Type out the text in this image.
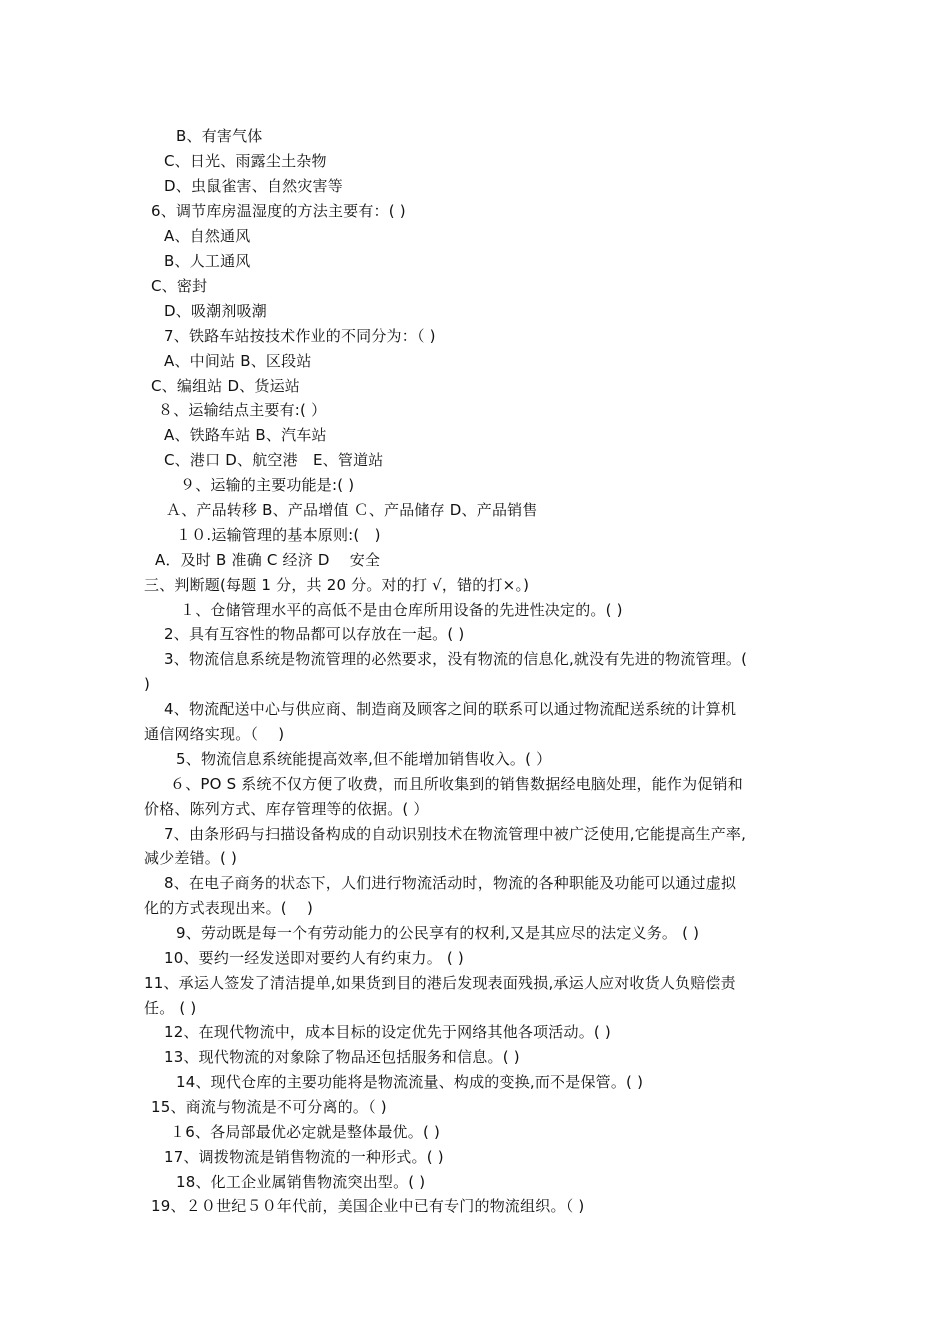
B、有害气体
C、日光、雨露尘土杂物
D、虫鼠雀害、自然灾害等
6、调节库房温湿度的方法主要有：( )
A、自然通风
B、人工通风
C、密封
D、吸潮剂吸潮
7、铁路车站按技术作业的不同分为：（ )
A、中间站 B、区段站
C、编组站 D、货运站
８、运输结点主要有:( ）
A、铁路车站 B、汽车站
C、港口 D、航空港　E、管道站
９、运输的主要功能是:( )
Ａ、产品转移 B、产品增值 Ｃ、产品储存 D、产品销售
１０.运输管理的基本原则:(　)
A．及时 B 准确 C 经济 D　 安全
三、判断题(每题 1 分，共 20 分。对的打 √，错的打×。)
１、仓储管理水平的高低不是由仓库所用设备的先进性决定的。( )
2、具有互容性的物品都可以存放在一起。( )
3、物流信息系统是物流管理的必然要求，没有物流的信息化,就没有先进的物流管理。(
)
4、物流配送中心与供应商、制造商及顾客之间的联系可以通过物流配送系统的计算机
通信网络实现。（　 )
5、物流信息系统能提高效率,但不能增加销售收入。( ）
６、PO S 系统不仅方便了收费，而且所收集到的销售数据经电脑处理，能作为促销和
价格、陈列方式、库存管理等的依据。( ）
7、由条形码与扫描设备构成的自动识别技术在物流管理中被广泛使用,它能提高生产率,
减少差错。( )
8、在电子商务的状态下，人们进行物流活动时，物流的各种职能及功能可以通过虚拟
化的方式表现出来。(　 )
9、劳动既是每一个有劳动能力的公民享有的权利,又是其应尽的法定义务。 ( )
10、要约一经发送即对要约人有约束力。 ( )
11、承运人签发了清洁提单,如果货到目的港后发现表面残损,承运人应对收货人负赔偿责
任。 ( )
12、在现代物流中，成本目标的设定优先于网络其他各项活动。( )
13、现代物流的对象除了物品还包括服务和信息。( )
14、现代仓库的主要功能将是物流流量、构成的变换,而不是保管。( )
15、商流与物流是不可分离的。（ )
１6、各局部最优必定就是整体最优。( )
17、调拨物流是销售物流的一种形式。( )
18、化工企业属销售物流突出型。( )
19、２０世纪５０年代前，美国企业中已有专门的物流组织。（ )
